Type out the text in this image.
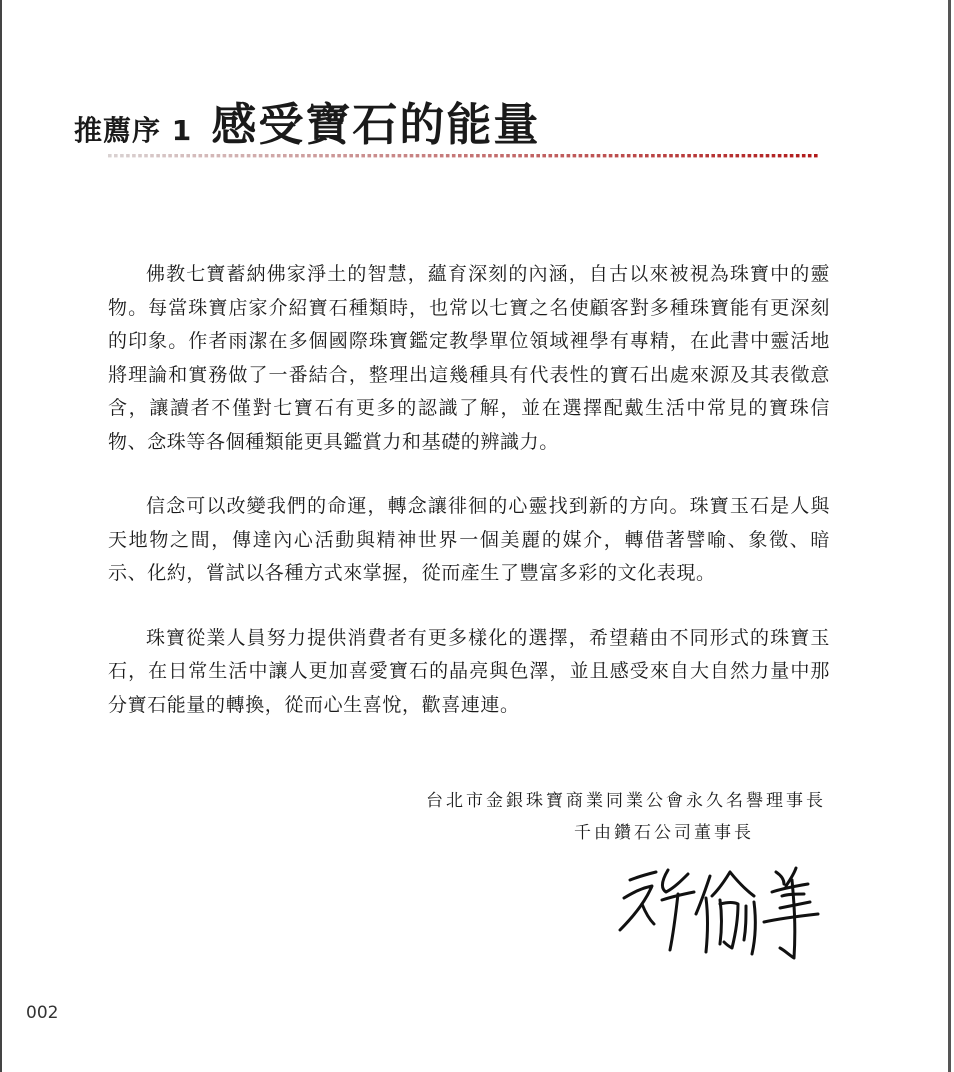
推薦序 1 感受寶石的能量

佛教七寶蓄納佛家淨土的智慧，蘊育深刻的內涵，自古以來被視為珠寶中的靈物。每當珠寶店家介紹寶石種類時，也常以七寶之名使顧客對多種珠寶能有更深刻的印象。作者雨潔在多個國際珠寶鑑定教學單位領域裡學有專精，在此書中靈活地將理論和實務做了一番結合，整理出這幾種具有代表性的寶石出處來源及其表徵意含，讓讀者不僅對七寶石有更多的認識了解，並在選擇配戴生活中常見的寶珠信物、念珠等各個種類能更具鑑賞力和基礎的辨識力。

信念可以改變我們的命運，轉念讓徘徊的心靈找到新的方向。珠寶玉石是人與天地物之間，傳達內心活動與精神世界一個美麗的媒介，轉借著譬喻、象徵、暗示、化約，嘗試以各種方式來掌握，從而產生了豐富多彩的文化表現。

珠寶從業人員努力提供消費者有更多樣化的選擇，希望藉由不同形式的珠寶玉石，在日常生活中讓人更加喜愛寶石的晶亮與色澤，並且感受來自大自然力量中那分寶石能量的轉換，從而心生喜悅，歡喜連連。

台北市金銀珠寶商業同業公會永久名譽理事長
千由鑽石公司董事長
002
